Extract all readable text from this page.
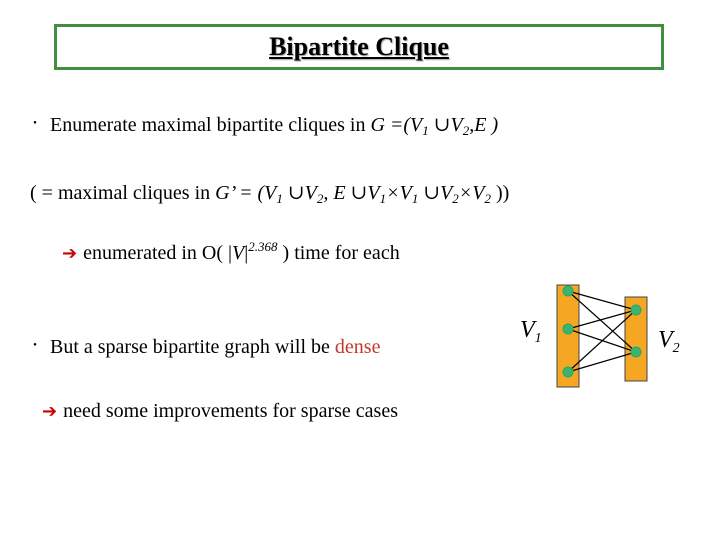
Bipartite Clique
・ Enumerate maximal bipartite cliques in $G =(V_1$ $\cup V_2,E$ )
( = maximal cliques in G’ = ($V_1$ $\cup V_2$, E $\cup V_1\times V_1$ $\cup V_2\times V_2$ ))
➔ enumerated in O( $|V|^{2.368}$ ) time for each
・ But a sparse bipartite graph will be dense
➔ need some improvements for sparse cases
$V_1$	$V_2$
